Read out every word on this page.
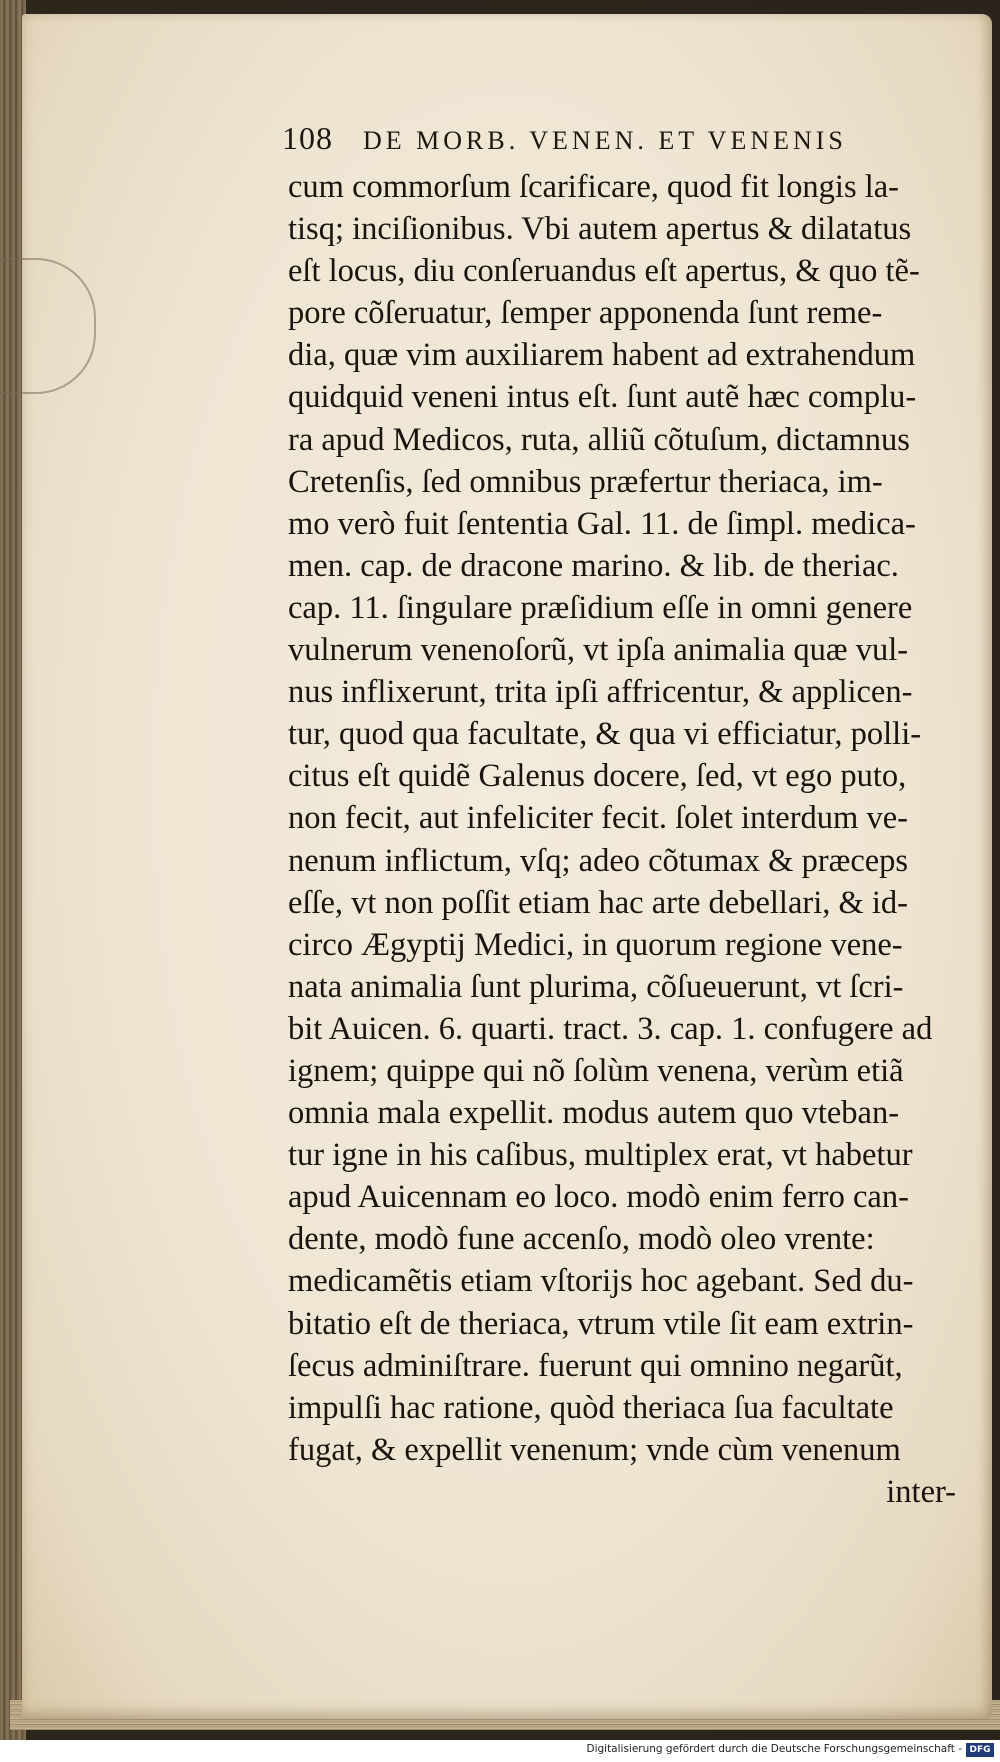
108 DE MORB. VENEN. ET VENENIS
cum commorſum ſcarificare, quod fit longis la-
tisq; inciſionibus. Vbi autem apertus & dilatatus
eſt locus, diu conſeruandus eſt apertus, & quo tẽ-
pore cõſeruatur, ſemper apponenda ſunt reme-
dia, quæ vim auxiliarem habent ad extrahendum
quidquid veneni intus eſt. ſunt autẽ hæc complu-
ra apud Medicos, ruta, alliũ cõtuſum, dictamnus
Cretenſis, ſed omnibus præfertur theriaca, im-
mo verò fuit ſententia Gal. 11. de ſimpl. medica-
men. cap. de dracone marino. & lib. de theriac.
cap. 11. ſingulare præſidium eſſe in omni genere
vulnerum venenoſorũ, vt ipſa animalia quæ vul-
nus inflixerunt, trita ipſi affricentur, & applicen-
tur, quod qua facultate, & qua vi efficiatur, polli-
citus eſt quidẽ Galenus docere, ſed, vt ego puto,
non fecit, aut infeliciter fecit. ſolet interdum ve-
nenum inflictum, vſq; adeo cõtumax & præceps
eſſe, vt non poſſit etiam hac arte debellari, & id-
circo Ægyptij Medici, in quorum regione vene-
nata animalia ſunt plurima, cõſueuerunt, vt ſcri-
bit Auicen. 6. quarti. tract. 3. cap. 1. confugere ad
ignem; quippe qui nõ ſolùm venena, verùm etiã
omnia mala expellit. modus autem quo vteban-
tur igne in his caſibus, multiplex erat, vt habetur
apud Auicennam eo loco. modò enim ferro can-
dente, modò fune accenſo, modò oleo vrente:
medicamẽtis etiam vſtorijs hoc agebant. Sed du-
bitatio eſt de theriaca, vtrum vtile ſit eam extrin-
ſecus adminiſtrare. fuerunt qui omnino negarũt,
impulſi hac ratione, quòd theriaca ſua facultate
fugat, & expellit venenum; vnde cùm venenum
inter-
Digitalisierung gefördert durch die Deutsche Forschungsgemeinschaft - DFG
